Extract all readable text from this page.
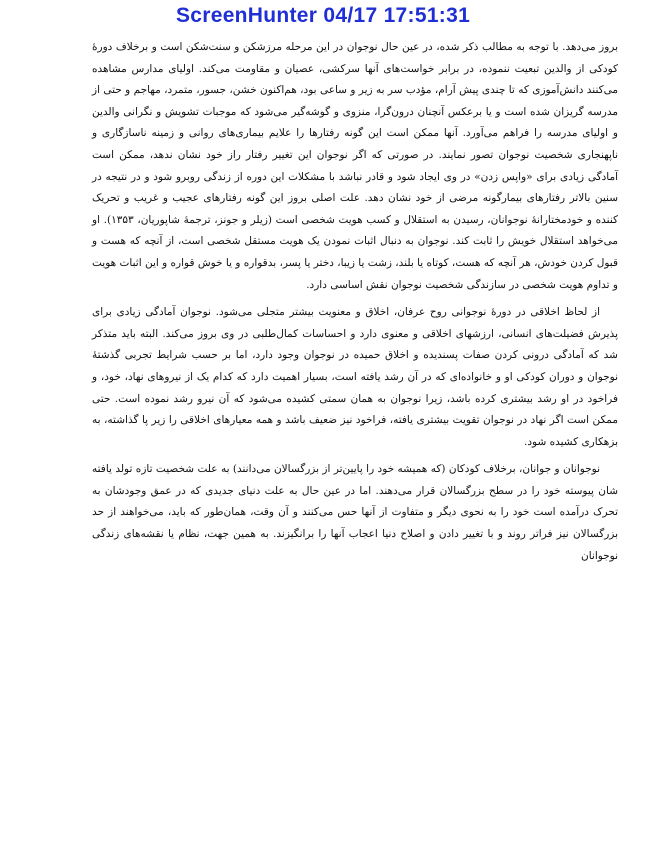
ScreenHunter 04/17 17:51:31

بروز می‌دهد. با توجه به مطالب ذکر شده، در عین حال نوجوان در این مرحله مرزشکن و سنت‌شکن است و برخلاف دورهٔ کودکی از والدین تبعیت ننموده، در برابر خواست‌های آنها سرکشی، عصیان و مقاومت می‌کند. اولیای مدارس مشاهده می‌کنند دانش‌آموزی که تا چندی پیش آرام، مؤدب سر به زیر و ساعی بود، هم‌اکنون خشن، جسور، متمرد، مهاجم و حتی از مدرسه گریزان شده است و یا برعکس آنچنان درون‌گرا، منزوی و گوشه‌گیر می‌شود که موجبات تشویش و نگرانی والدین و اولیای مدرسه را فراهم می‌آورد. آنها ممکن است این گونه رفتارها را علایم بیماری‌های روانی و زمینه ناسازگاری و ناپهنجاری شخصیت نوجوان تصور نمایند. در صورتی که اگر نوجوان این تغییر رفتار راز خود نشان ندهد، ممکن است آمادگی زیادی برای «واپس زدن» در وی ایجاد شود و قادر نباشد با مشکلات این دوره از زندگی روبرو شود و در نتیجه در سنین بالاتر رفتارهای بیمارگونه مرضی از خود نشان دهد. علت اصلی بروز این گونه رفتارهای عجیب و غریب و تحریک کننده و خودمختارانهٔ نوجوانان، رسیدن به استقلال و کسب هویت شخصی است (زیلر و جونز، ترجمهٔ شاپوریان، ۱۳۵۳). او می‌خواهد استقلال خویش را ثابت کند. نوجوان به دنبال اثبات نمودن یک هویت مستقل شخصی است، از آنچه که هست و قبول کردن خودش، هر آنچه که هست، کوتاه یا بلند، زشت یا زیبا، دختر یا پسر، بدقواره و یا خوش قواره و این اثبات هویت و تداوم هویت شخصی در سازندگی شخصیت نوجوان نقش اساسی دارد.

از لحاظ اخلاقی در دورهٔ نوجوانی روح عرفان، اخلاق و معنویت بیشتر متجلی می‌شود. نوجوان آمادگی زیادی برای پذیرش فضیلت‌های انسانی، ارزشهای اخلاقی و معنوی دارد و احساسات کمال‌طلبی در وی بروز می‌کند. البته باید متذکر شد که آمادگی درونی کردن صفات پسندیده و اخلاق حمیده در نوجوان وجود دارد، اما بر حسب شرایط تجربی گذشتهٔ نوجوان و دوران کودکی او و خانواده‌ای که در آن رشد یافته است، بسیار اهمیت دارد که کدام یک از نیروهای نهاد، خود، و فراخود در او رشد بیشتری کرده باشد، زیرا نوجوان به همان سمتی کشیده می‌شود که آن نیرو رشد نموده است. حتی ممکن است اگر نهاد در نوجوان تقویت بیشتری یافته، فراخود نیز ضعیف باشد و همه معیارهای اخلاقی را زیر پا گذاشته، به بزهکاری کشیده شود.

نوجوانان و جوانان، برخلاف کودکان (که همیشه خود را پایین‌تر از بزرگسالان می‌دانند) به علت شخصیت تازه تولد یافته شان پیوسته خود را در سطح بزرگسالان قرار می‌دهند. اما در عین حال به علت دنیای جدیدی که در عمق وجودشان به تحرک درآمده است خود را به نحوی دیگر و متفاوت از آنها حس می‌کنند و آن وقت، همان‌طور که باید، می‌خواهند از حد بزرگسالان نیز فراتر روند و با تغییر دادن و اصلاح دنیا اعجاب آنها را برانگیزند. به همین جهت، نظام یا نقشه‌های زندگی نوجوانان
